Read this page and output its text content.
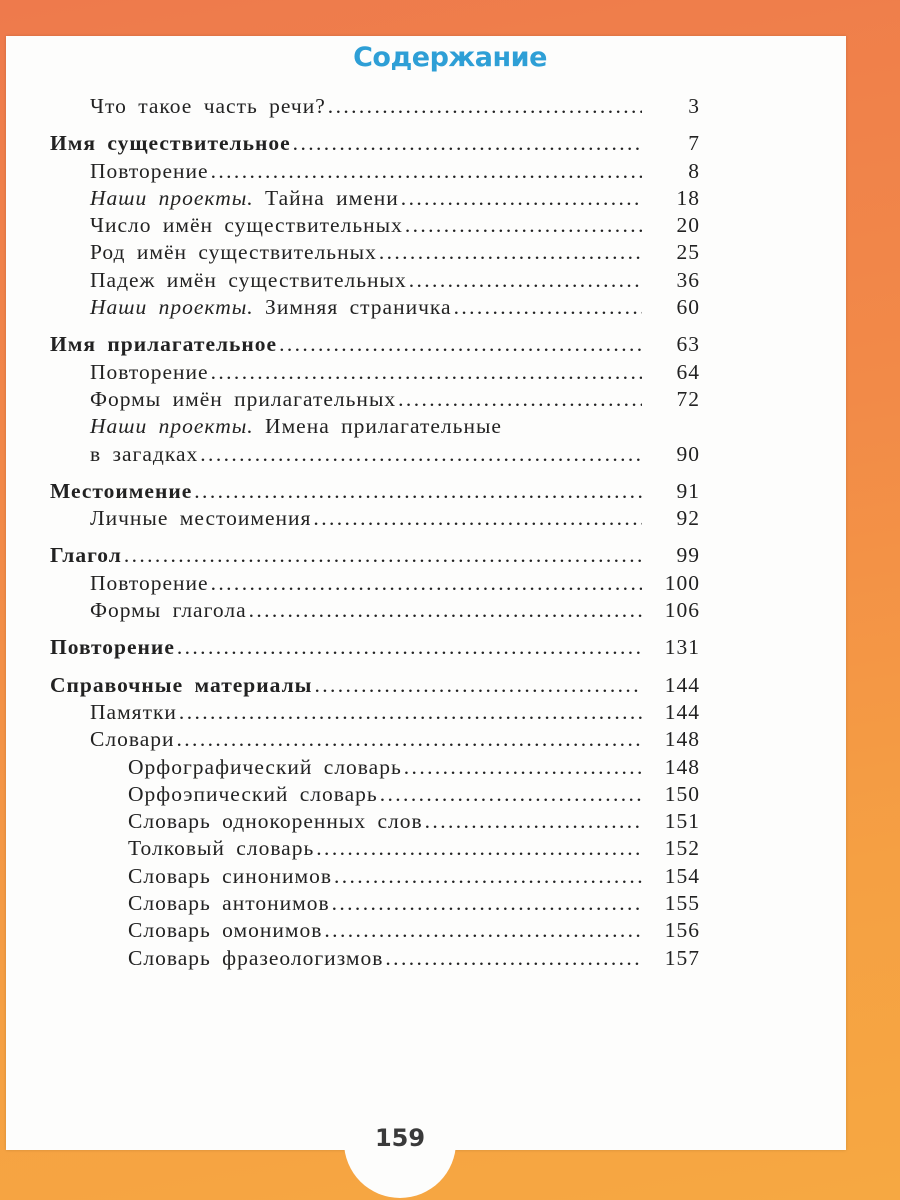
159
Содержание
Что такое часть речи? .....	3
Имя существительное .....	7
Повторение .....	8
Наши проекты. Тайна имени .....	18
Число имён существительных .....	20
Род имён существительных .....	25
Падеж имён существительных .....	36
Наши проекты. Зимняя страничка .....	60
Имя прилагательное .....	63
Повторение .....	64
Формы имён прилагательных .....	72
Наши проекты. Имена прилагательные
в загадках .....	90
Местоимение .....	91
Личные местоимения .....	92
Глагол .....	99
Повторение .....	100
Формы глагола .....	106
Повторение .....	131
Справочные материалы .....	144
Памятки .....	144
Словари .....	148
Орфографический словарь .....	148
Орфоэпический словарь .....	150
Словарь однокоренных слов .....	151
Толковый словарь .....	152
Словарь синонимов .....	154
Словарь антонимов .....	155
Словарь омонимов .....	156
Словарь фразеологизмов .....	157
